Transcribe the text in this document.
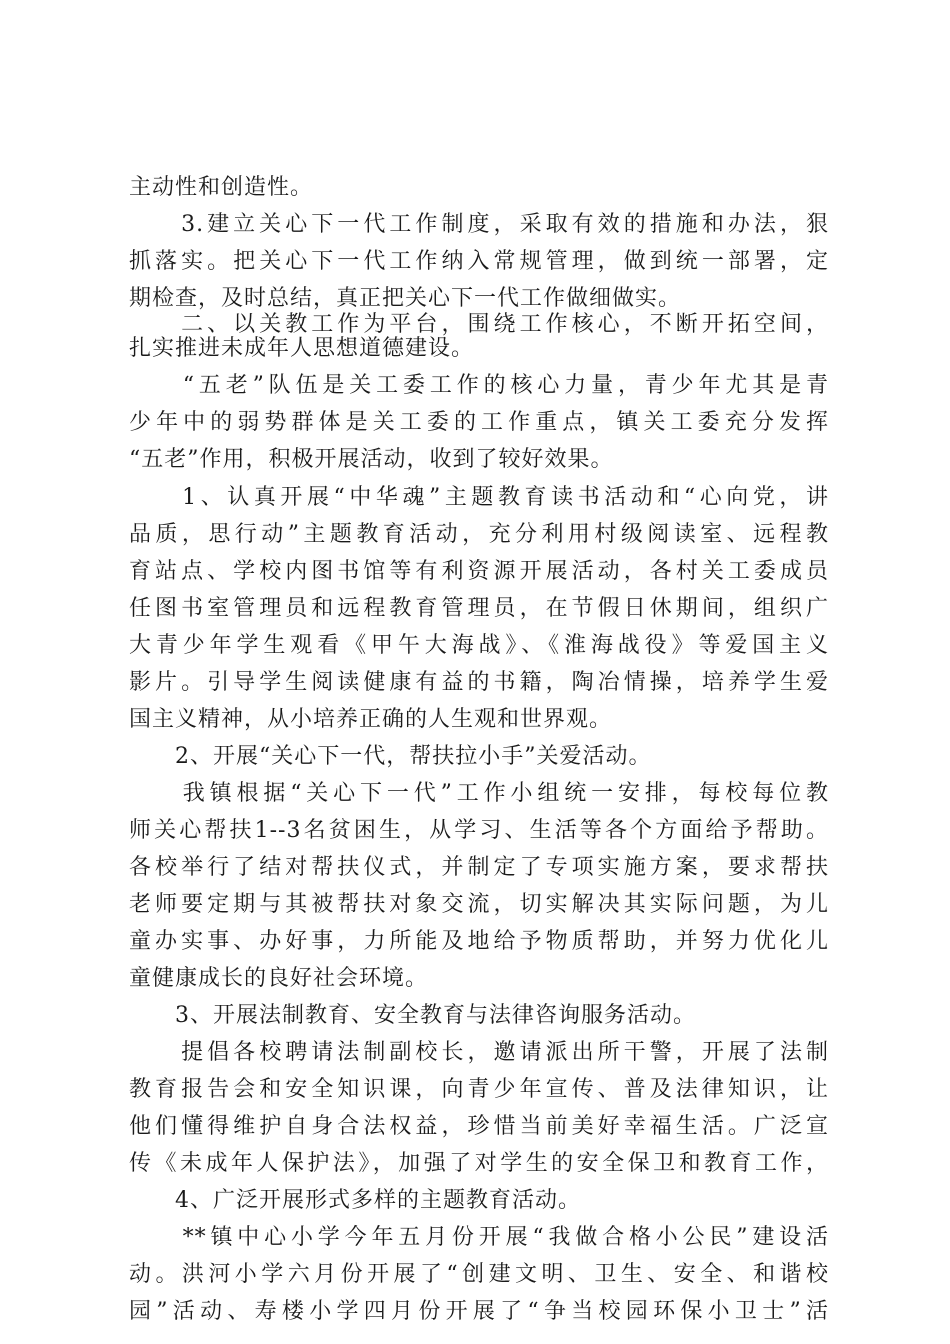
主动性和创造性。
　　3.建立关心下一代工作制度，采取有效的措施和办法，狠
抓落实。把关心下一代工作纳入常规管理，做到统一部署，定
期检查，及时总结，真正把关心下一代工作做细做实。
　　二、以关教工作为平台，围绕工作核心，不断开拓空间，
扎实推进未成年人思想道德建设。
　　“五老”队伍是关工委工作的核心力量，青少年尤其是青
少年中的弱势群体是关工委的工作重点，镇关工委充分发挥
“五老”作用，积极开展活动，收到了较好效果。
　　1、认真开展“中华魂”主题教育读书活动和“心向党，讲
品质，思行动”主题教育活动，充分利用村级阅读室、远程教
育站点、学校内图书馆等有利资源开展活动，各村关工委成员
任图书室管理员和远程教育管理员，在节假日休期间，组织广
大青少年学生观看《甲午大海战》、《淮海战役》等爱国主义
影片。引导学生阅读健康有益的书籍，陶冶情操，培养学生爱
国主义精神，从小培养正确的人生观和世界观。
　　2、开展“关心下一代，帮扶拉小手”关爱活动。
　　我镇根据“关心下一代”工作小组统一安排，每校每位教
师关心帮扶1--3名贫困生，从学习、生活等各个方面给予帮助。
各校举行了结对帮扶仪式，并制定了专项实施方案，要求帮扶
老师要定期与其被帮扶对象交流，切实解决其实际问题，为儿
童办实事、办好事，力所能及地给予物质帮助，并努力优化儿
童健康成长的良好社会环境。
　　3、开展法制教育、安全教育与法律咨询服务活动。
　　提倡各校聘请法制副校长，邀请派出所干警，开展了法制
教育报告会和安全知识课，向青少年宣传、普及法律知识，让
他们懂得维护自身合法权益，珍惜当前美好幸福生活。广泛宣
传《未成年人保护法》，加强了对学生的安全保卫和教育工作，
　　4、广泛开展形式多样的主题教育活动。
　　**镇中心小学今年五月份开展“我做合格小公民”建设活
动。洪河小学六月份开展了“创建文明、卫生、安全、和谐校
园”活动、寿楼小学四月份开展了“争当校园环保小卫士”活
